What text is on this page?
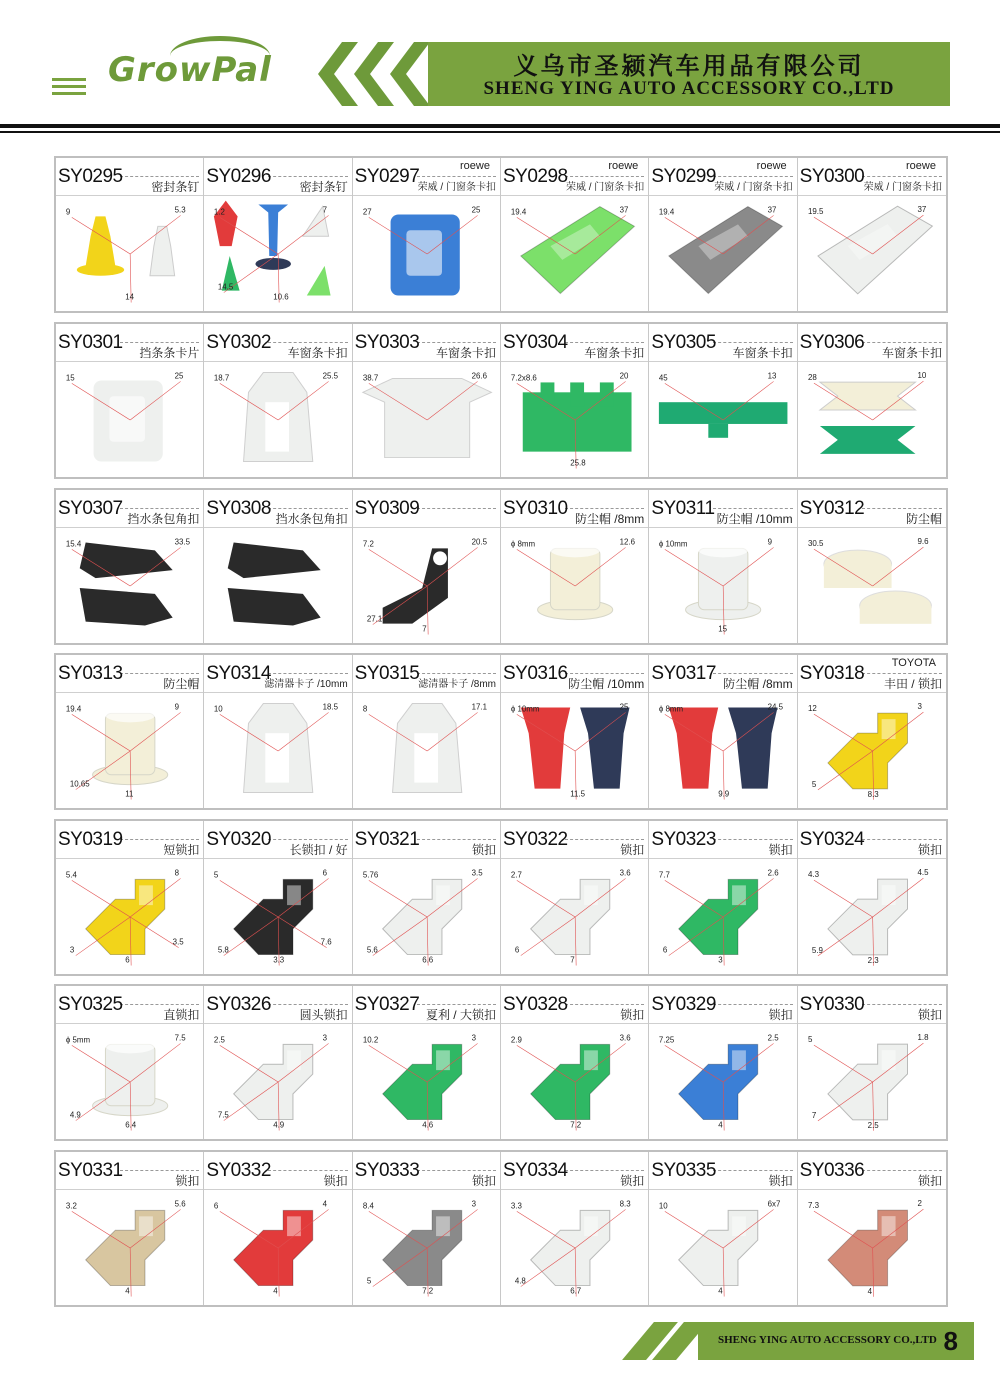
GrowPal	义乌市圣颍汽车用品有限公司
SHENG YING AUTO ACCESSORY CO.,LTD
SY0295 密封条钉
9	5.3
14
SY0296 密封条钉
1.2	7
10.6
14.5
SY0297	roewe
荣威 / 门窗条卡扣
27	25
SY0298	roewe
荣威 / 门窗条卡扣
19.4	37
SY0299	roewe
荣威 / 门窗条卡扣
19.4	37
SY0300	roewe
荣威 / 门窗条卡扣
19.5	37
SY0301 挡条条卡片
15	25
SY0302 车窗条卡扣
18.7	25.5
SY0303 车窗条卡扣
38.7	26.6
SY0304 车窗条卡扣
7.2x8.6	20
25.8
SY0305 车窗条卡扣
45	13
SY0306 车窗条卡扣
28	10
SY0307 挡水条包角扣
15.4	33.5
SY0308 挡水条包角扣 SY0309
7.2	20.5
7
27.1
SY0310 防尘帽 /8mm
ϕ 8mm	12.6
SY0311 防尘帽 /10mm
ϕ 10mm	9
15
SY0312	防尘帽
30.5	9.6
SY0313	防尘帽
19.4	9
11
10.65
SY0314
滤清器卡子 /10mm
10	18.5
SY0315
滤清器卡子 /8mm
8	17.1
SY0316 防尘帽 /10mm
ϕ 10mm	25
11.5
SY0317 防尘帽 /8mm
ϕ 8mm	24.5
9.9
SY0318 TOYOTA
丰田 / 锁扣
12	3
8.3
5
SY0319	短锁扣
5.4	8
6
3
3.5
SY0320 长锁扣 / 好
5	6
3.3
5.8
7.6
SY0321	锁扣
5.76	3.5
6.6
5.6
SY0322	锁扣
2.7	3.6
7
6
SY0323	锁扣
7.7	2.6
3
6
SY0324	锁扣
4.3	4.5
2.3
5.9
SY0325	直锁扣
ϕ 5mm	7.5
6.4
4.9
SY0326 圆头锁扣
2.5	3
4.9
7.5
SY0327 夏利 / 大锁扣
10.2	3
4.6
SY0328	锁扣
2.9	3.6
7.2
SY0329	锁扣
7.25	2.5
4
SY0330	锁扣
5	1.8
2.5
7
SY0331	锁扣
3.2	5.6
4
SY0332	锁扣
6	4
4
SY0333	锁扣
8.4	3
7.2
5
SY0334	锁扣
3.3	8.3
6.7
4.8
SY0335	锁扣
10	6x7
4
SY0336	锁扣
7.3	2
4
SHENG YING AUTO ACCESSORY CO.,LTD 8
